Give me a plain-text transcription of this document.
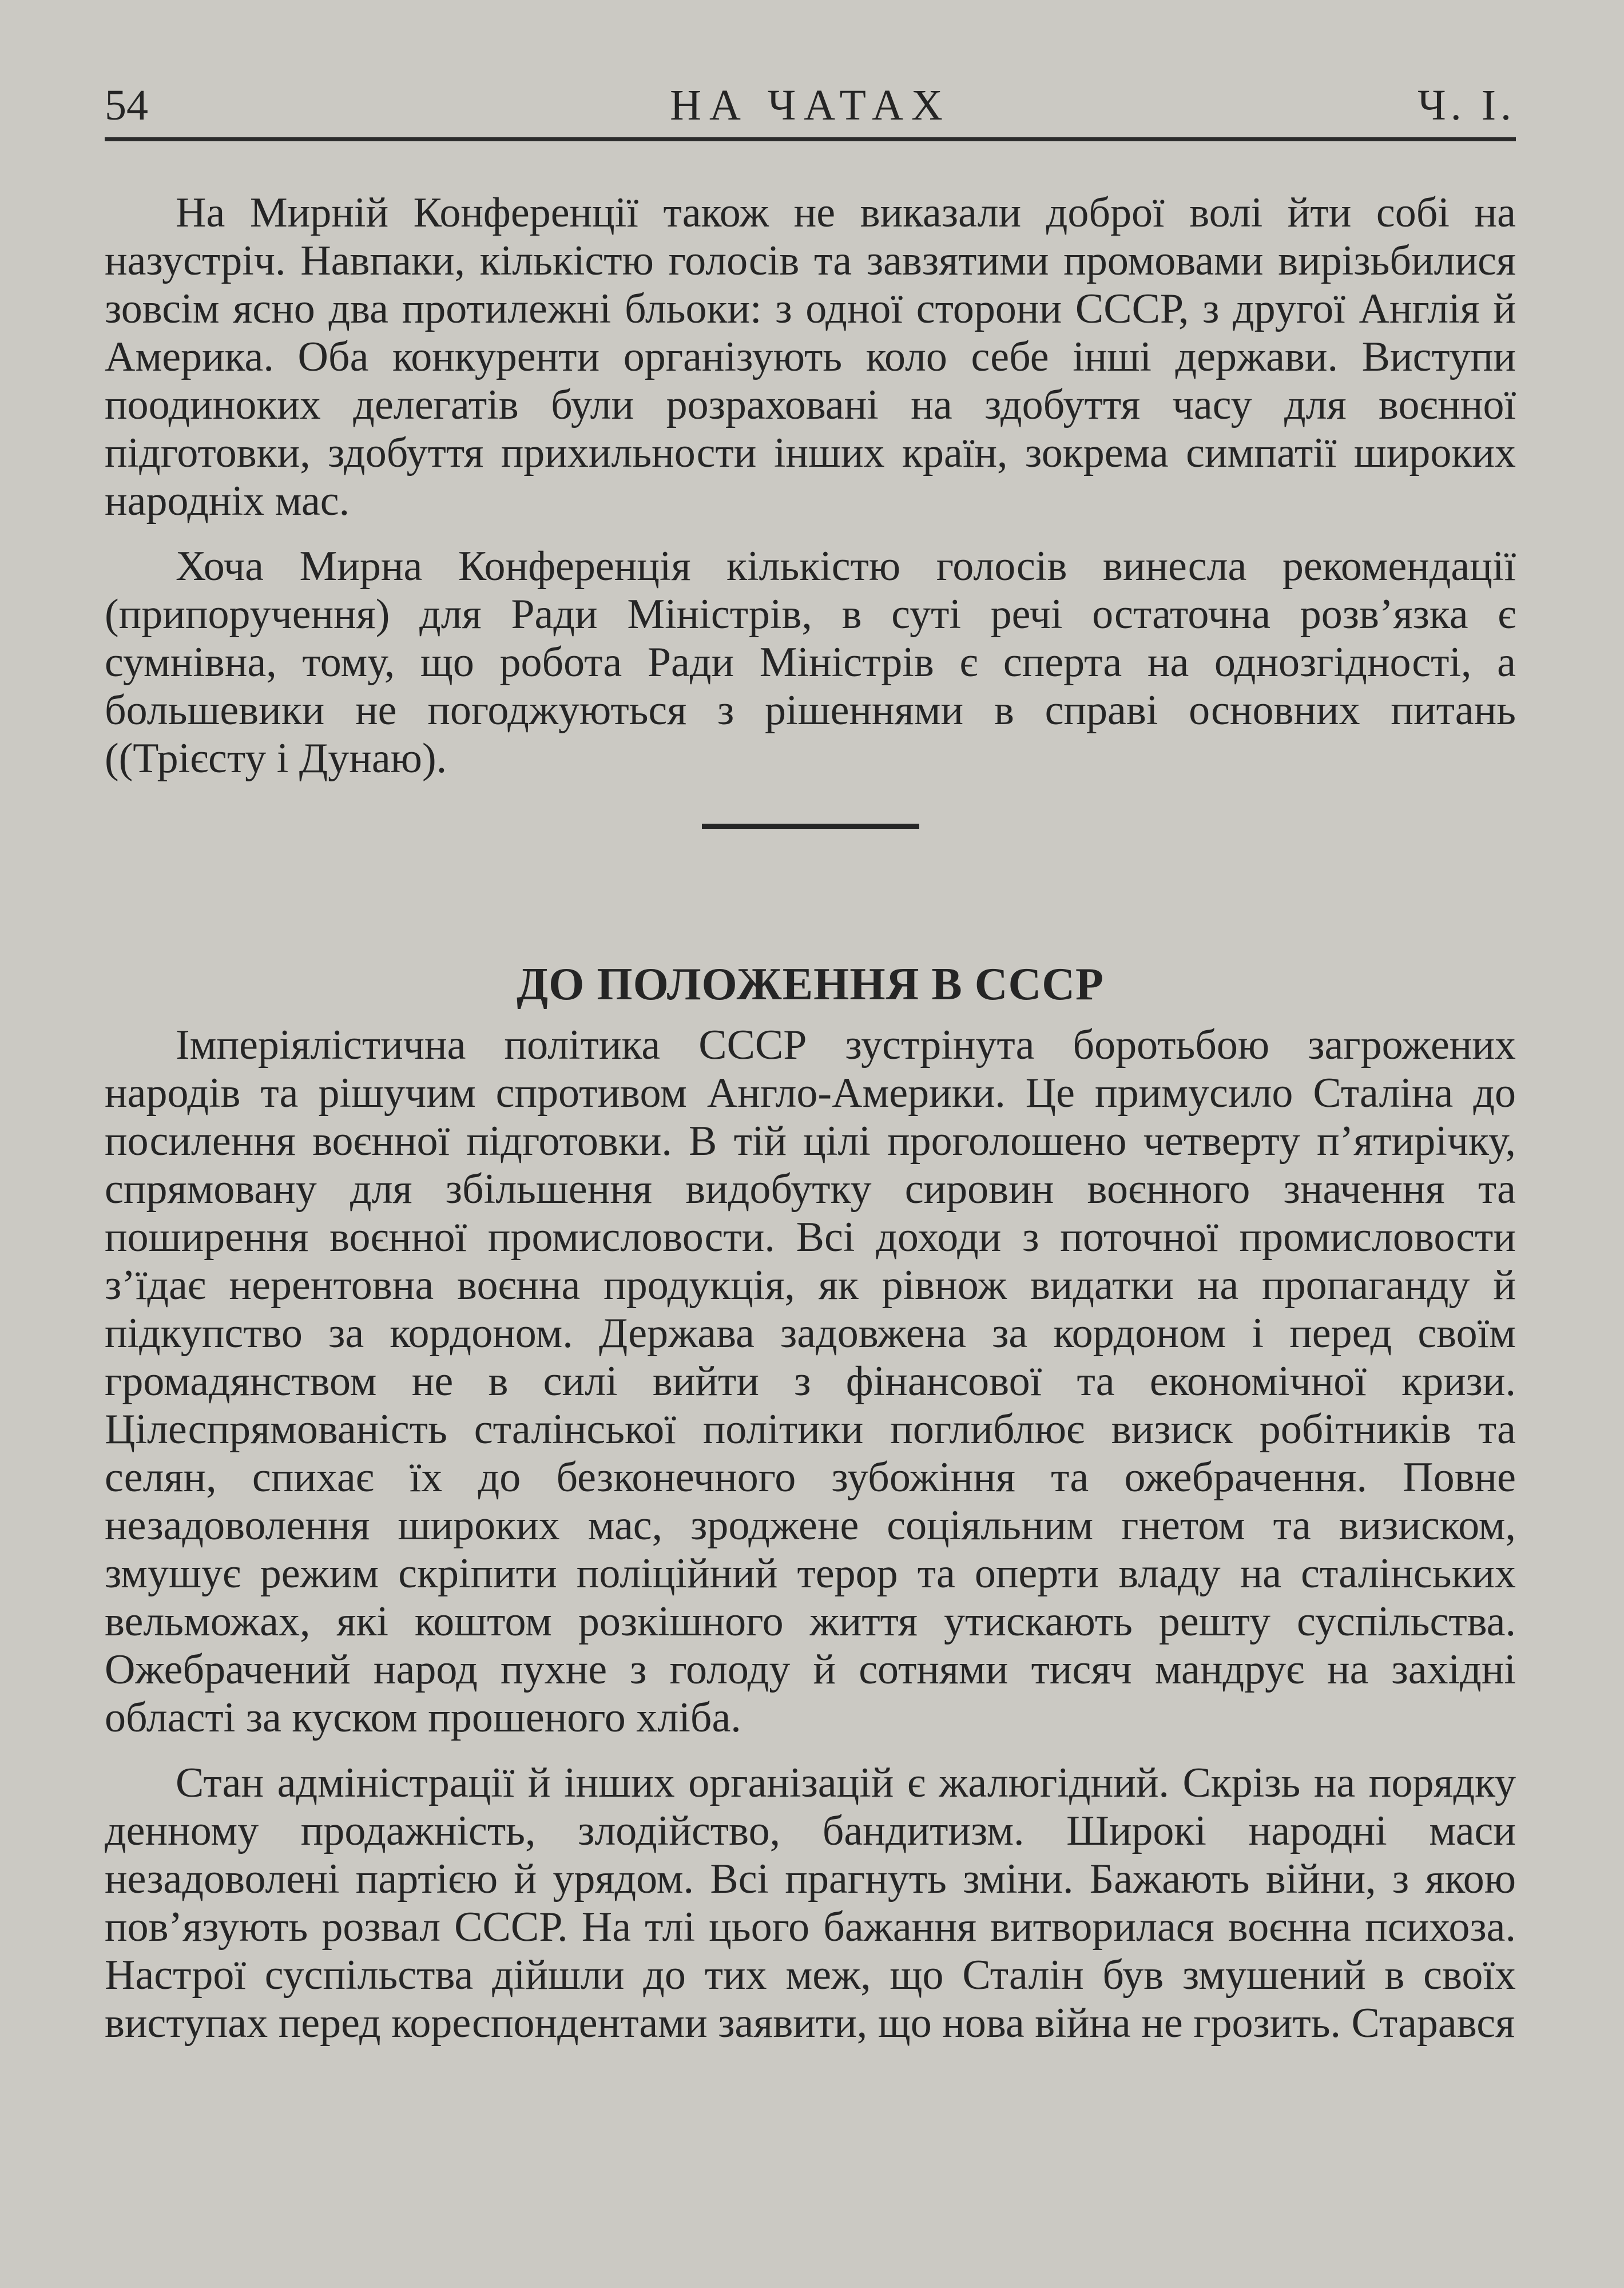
54	НА ЧАТАХ	Ч. І.

На Мирній Конференції також не виказали доброї волі йти собі на назустріч. Навпаки, кількістю голосів та завзятими промовами вирізьбилися зовсім ясно два протилежні бльоки: з одної сторони СССР, з другої Англія й Америка. Оба конкуренти організують коло себе інші держави. Виступи поодиноких делегатів були розраховані на здобуття часу для воєнної підготовки, здобуття прихильности інших країн, зокрема симпатії широких народніх мас.

Хоча Мирна Конференція кількістю голосів винесла рекомендації (припоручення) для Ради Міністрів, в суті речі остаточна розв’язка є сумнівна, тому, що робота Ради Міністрів є сперта на однозгідності, а большевики не погоджуються з рішеннями в справі основних питань ((Трієсту і Дунаю).

ДО ПОЛОЖЕННЯ В СССР

Імперіялістична політика СССР зустрінута боротьбою загрожених народів та рішучим спротивом Англо-Америки. Це примусило Сталіна до посилення воєнної підготовки. В тій цілі проголошено четверту п’ятирічку, спрямовану для збільшення видобутку сировин воєнного значення та поширення воєнної промисловости. Всі доходи з поточної промисловости з’їдає нерентовна воєнна продукція, як рівнож видатки на пропаганду й підкупство за кордоном. Держава задовжена за кордоном і перед своїм громадянством не в силі вийти з фінансової та економічної кризи. Цілеспрямованість сталінської політики поглиблює визиск робітників та селян, спихає їх до безконечного зубожіння та ожебрачення. Повне незадоволення широких мас, зроджене соціяльним гнетом та визиском, змушує режим скріпити поліційний терор та оперти владу на сталінських вельможах, які коштом розкішного життя утискають решту суспільства. Ожебрачений народ пухне з голоду й сотнями тисяч мандрує на західні області за куском прошеного хліба.

Стан адміністрації й інших організацій є жалюгідний. Скрізь на порядку денному продажність, злодійство, бандитизм. Широкі народні маси незадоволені партією й урядом. Всі прагнуть зміни. Бажають війни, з якою пов’язують розвал СССР. На тлі цього бажання витворилася воєнна психоза. Настрої суспільства дійшли до тих меж, що Сталін був змушений в своїх виступах перед кореспондентами заявити, що нова війна не грозить. Старався
